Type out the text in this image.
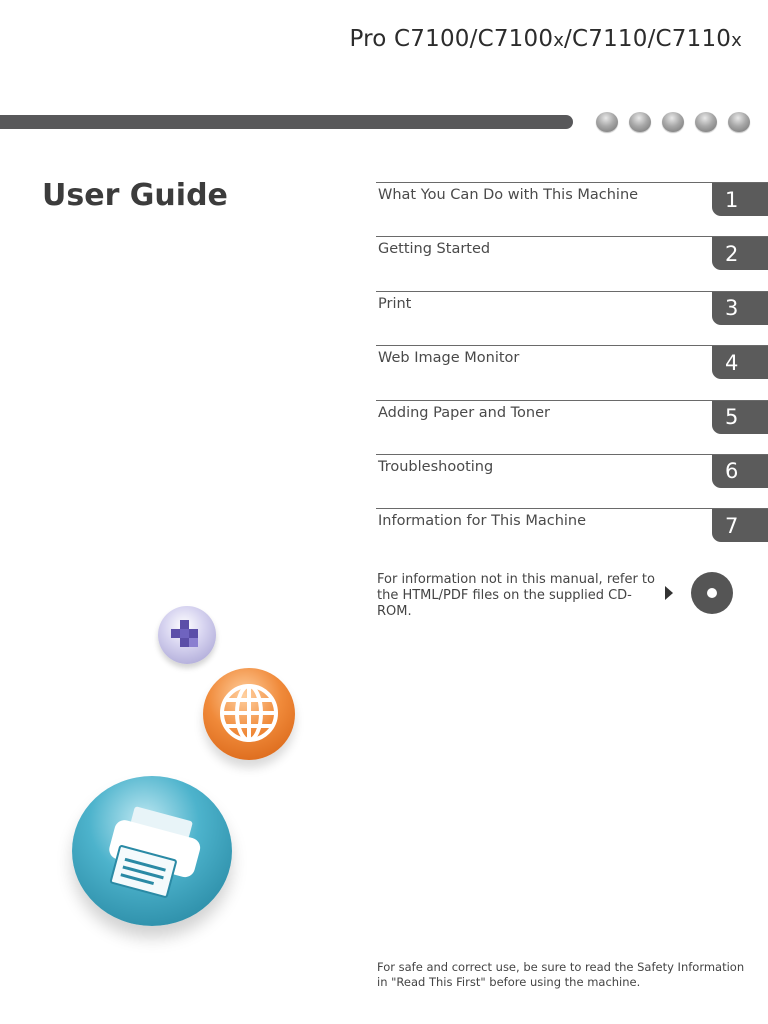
Pro C7100/C7100x/C7110/C7110x
User Guide	What You Can Do with This Machine	1
Getting Started	2
Print	3
Web Image Monitor	4
Adding Paper and Toner	5
Troubleshooting	6
Information for This Machine	7
For information not in this manual, refer to the HTML/PDF files on the supplied CD-ROM.
For safe and correct use, be sure to read the Safety Information in "Read This First" before using the machine.
